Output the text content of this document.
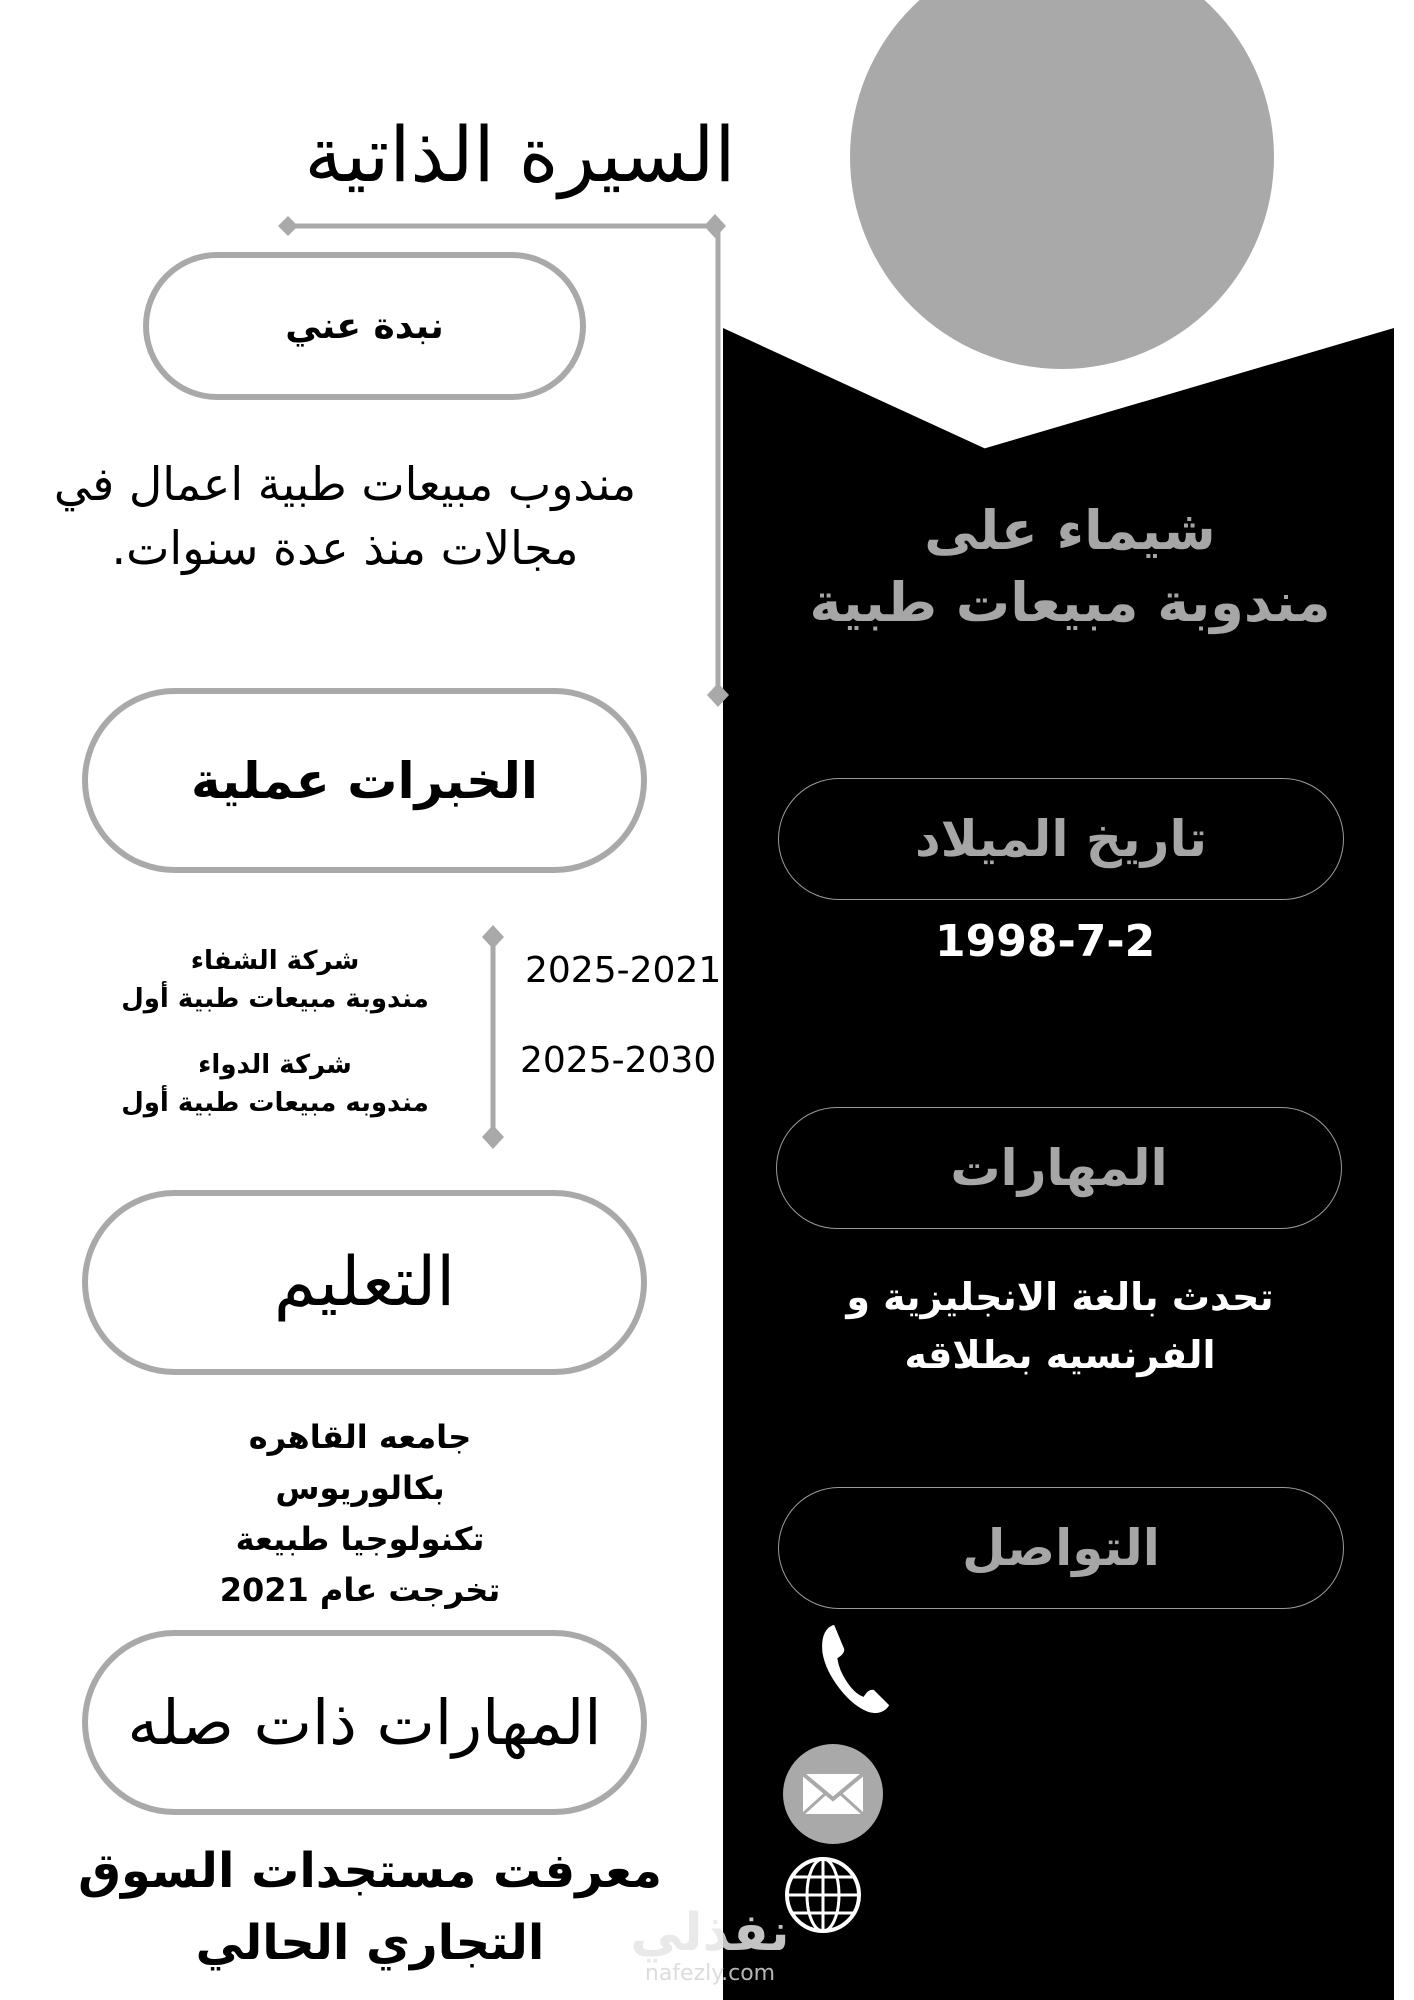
السيرة الذاتية
نبدة عني
مندوب مبيعات طبية اعمال في
مجالات منذ عدة سنوات.
الخبرات عملية
2025-2021
شركة الشفاء
مندوبة مبيعات طبية أول
2025-2030
شركة الدواء
مندوبه مبيعات طبية أول
التعليم
جامعه القاهره
بكالوريوس
تكنولوجيا طبيعة
تخرجت عام 2021
المهارات ذات صله
معرفت مستجدات السوق
التجاري الحالي
شيماء على
مندوبة مبيعات طبية
تاريخ الميلاد
1998-7-2
المهارات
تحدث بالغة الانجليزية و
الفرنسيه بطلاقه
التواصل
نفذلي
nafezly.com
